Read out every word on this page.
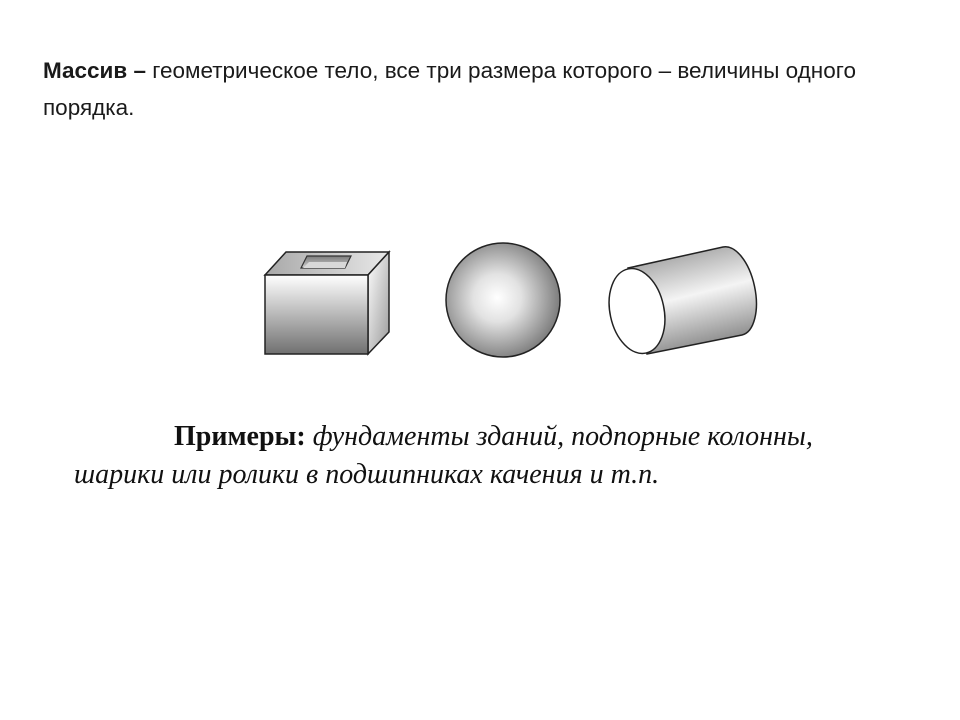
Массив – геометрическое тело, все три размера которого – величины одного порядка.
Примеры: фундаменты зданий, подпорные колонны,
шарики или ролики в подшипниках качения и т.п.
